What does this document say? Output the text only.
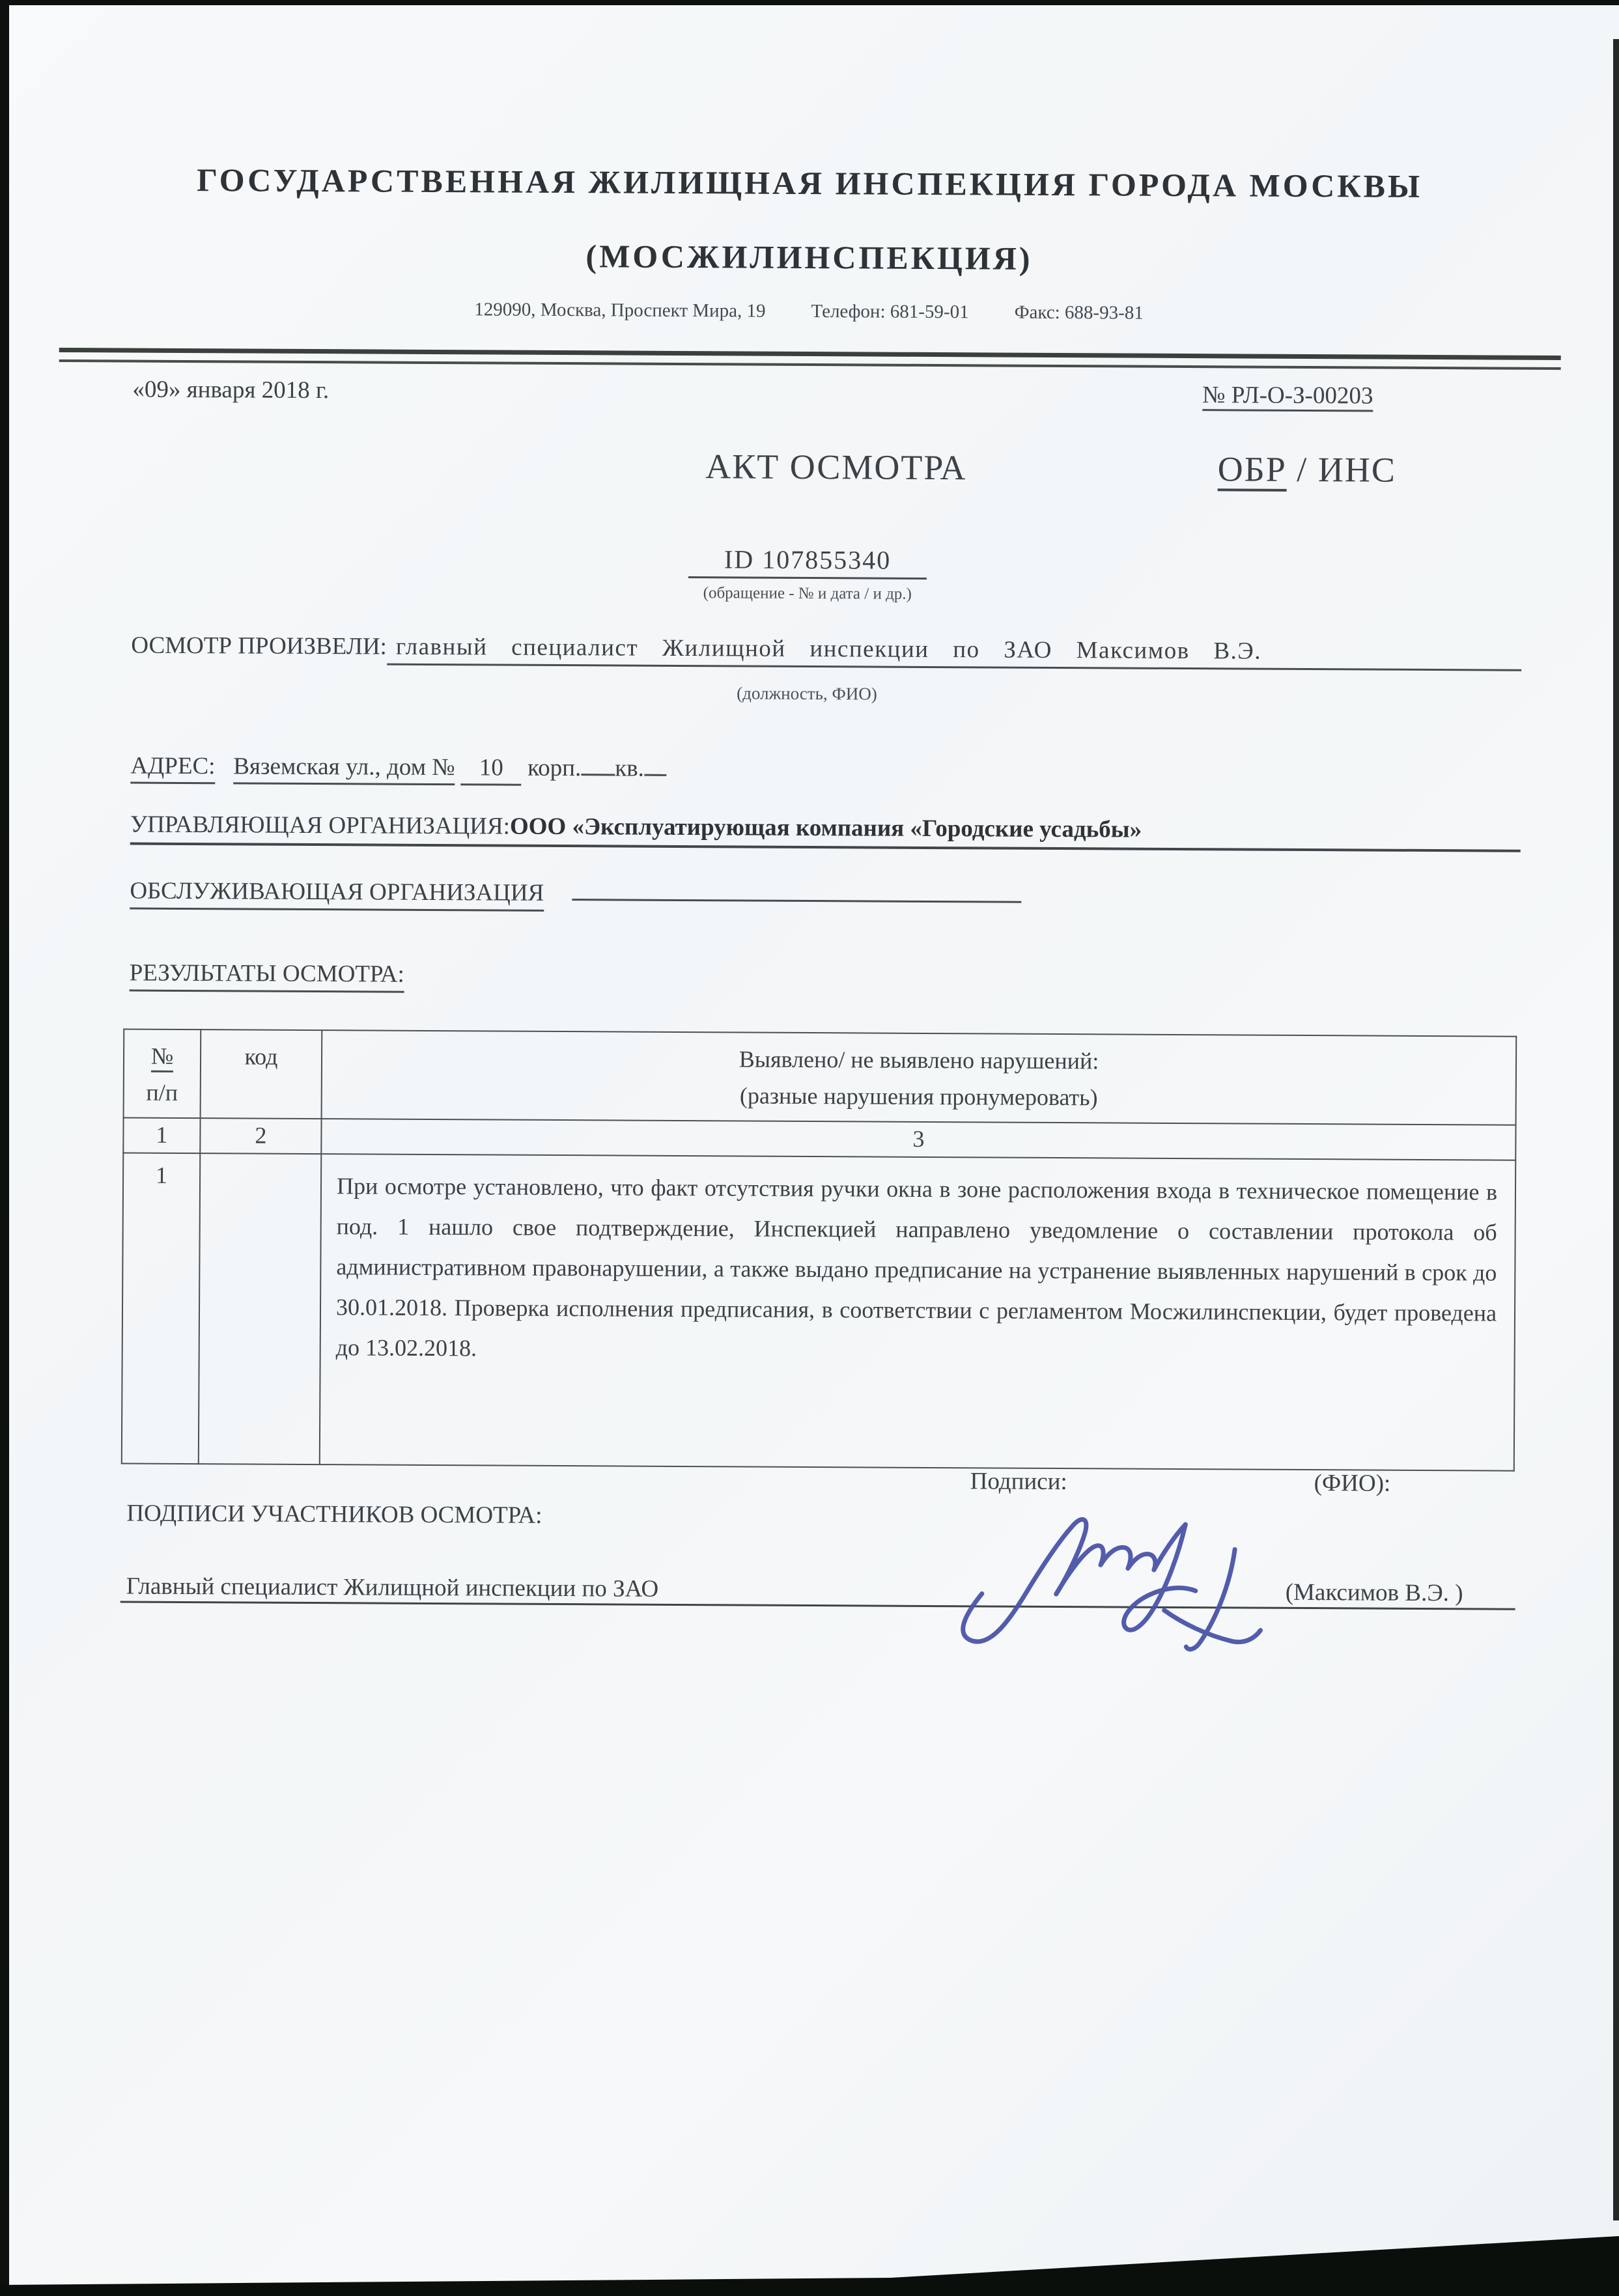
ГОСУДАРСТВЕННАЯ ЖИЛИЩНАЯ ИНСПЕКЦИЯ ГОРОДА МОСКВЫ
(МОСЖИЛИНСПЕКЦИЯ)
129090, Москва, Проспект Мира, 19 Телефон: 681-59-01 Факс: 688-93-81
«09» января 2018 г.	№ РЛ-О-З-00203
АКТ ОСМОТРА	ОБР / ИНС
ID 107855340
(обращение - № и дата / и др.)
ОСМОТР ПРОИЗВЕЛИ: главный специалист Жилищной инспекции по ЗАО Максимов В.Э.
(должность, ФИО)
АДРЕС: Вяземская ул., дом № 10 корп. кв.
УПРАВЛЯЮЩАЯ ОРГАНИЗАЦИЯ:ООО «Эксплуатирующая компания «Городские усадьбы»
ОБСЛУЖИВАЮЩАЯ ОРГАНИЗАЦИЯ
РЕЗУЛЬТАТЫ ОСМОТРА:
№
п/п	код	Выявлено/ не выявлено нарушений:
(разные нарушения пронумеровать)
1	2	3
1		При осмотре установлено, что факт отсутствия ручки окна в зоне расположения входа в техническое помещение в под. 1 нашло свое подтверждение, Инспекцией направлено уведомление о составлении протокола об административном правонарушении, а также выдано предписание на устранение выявленных нарушений в срок до 30.01.2018. Проверка исполнения предписания, в соответствии с регламентом Мосжилинспекции, будет проведена до 13.02.2018.
Подписи:	(ФИО):
ПОДПИСИ УЧАСТНИКОВ ОСМОТРА:
Главный специалист Жилищной инспекции по ЗАО	(Максимов В.Э. )
